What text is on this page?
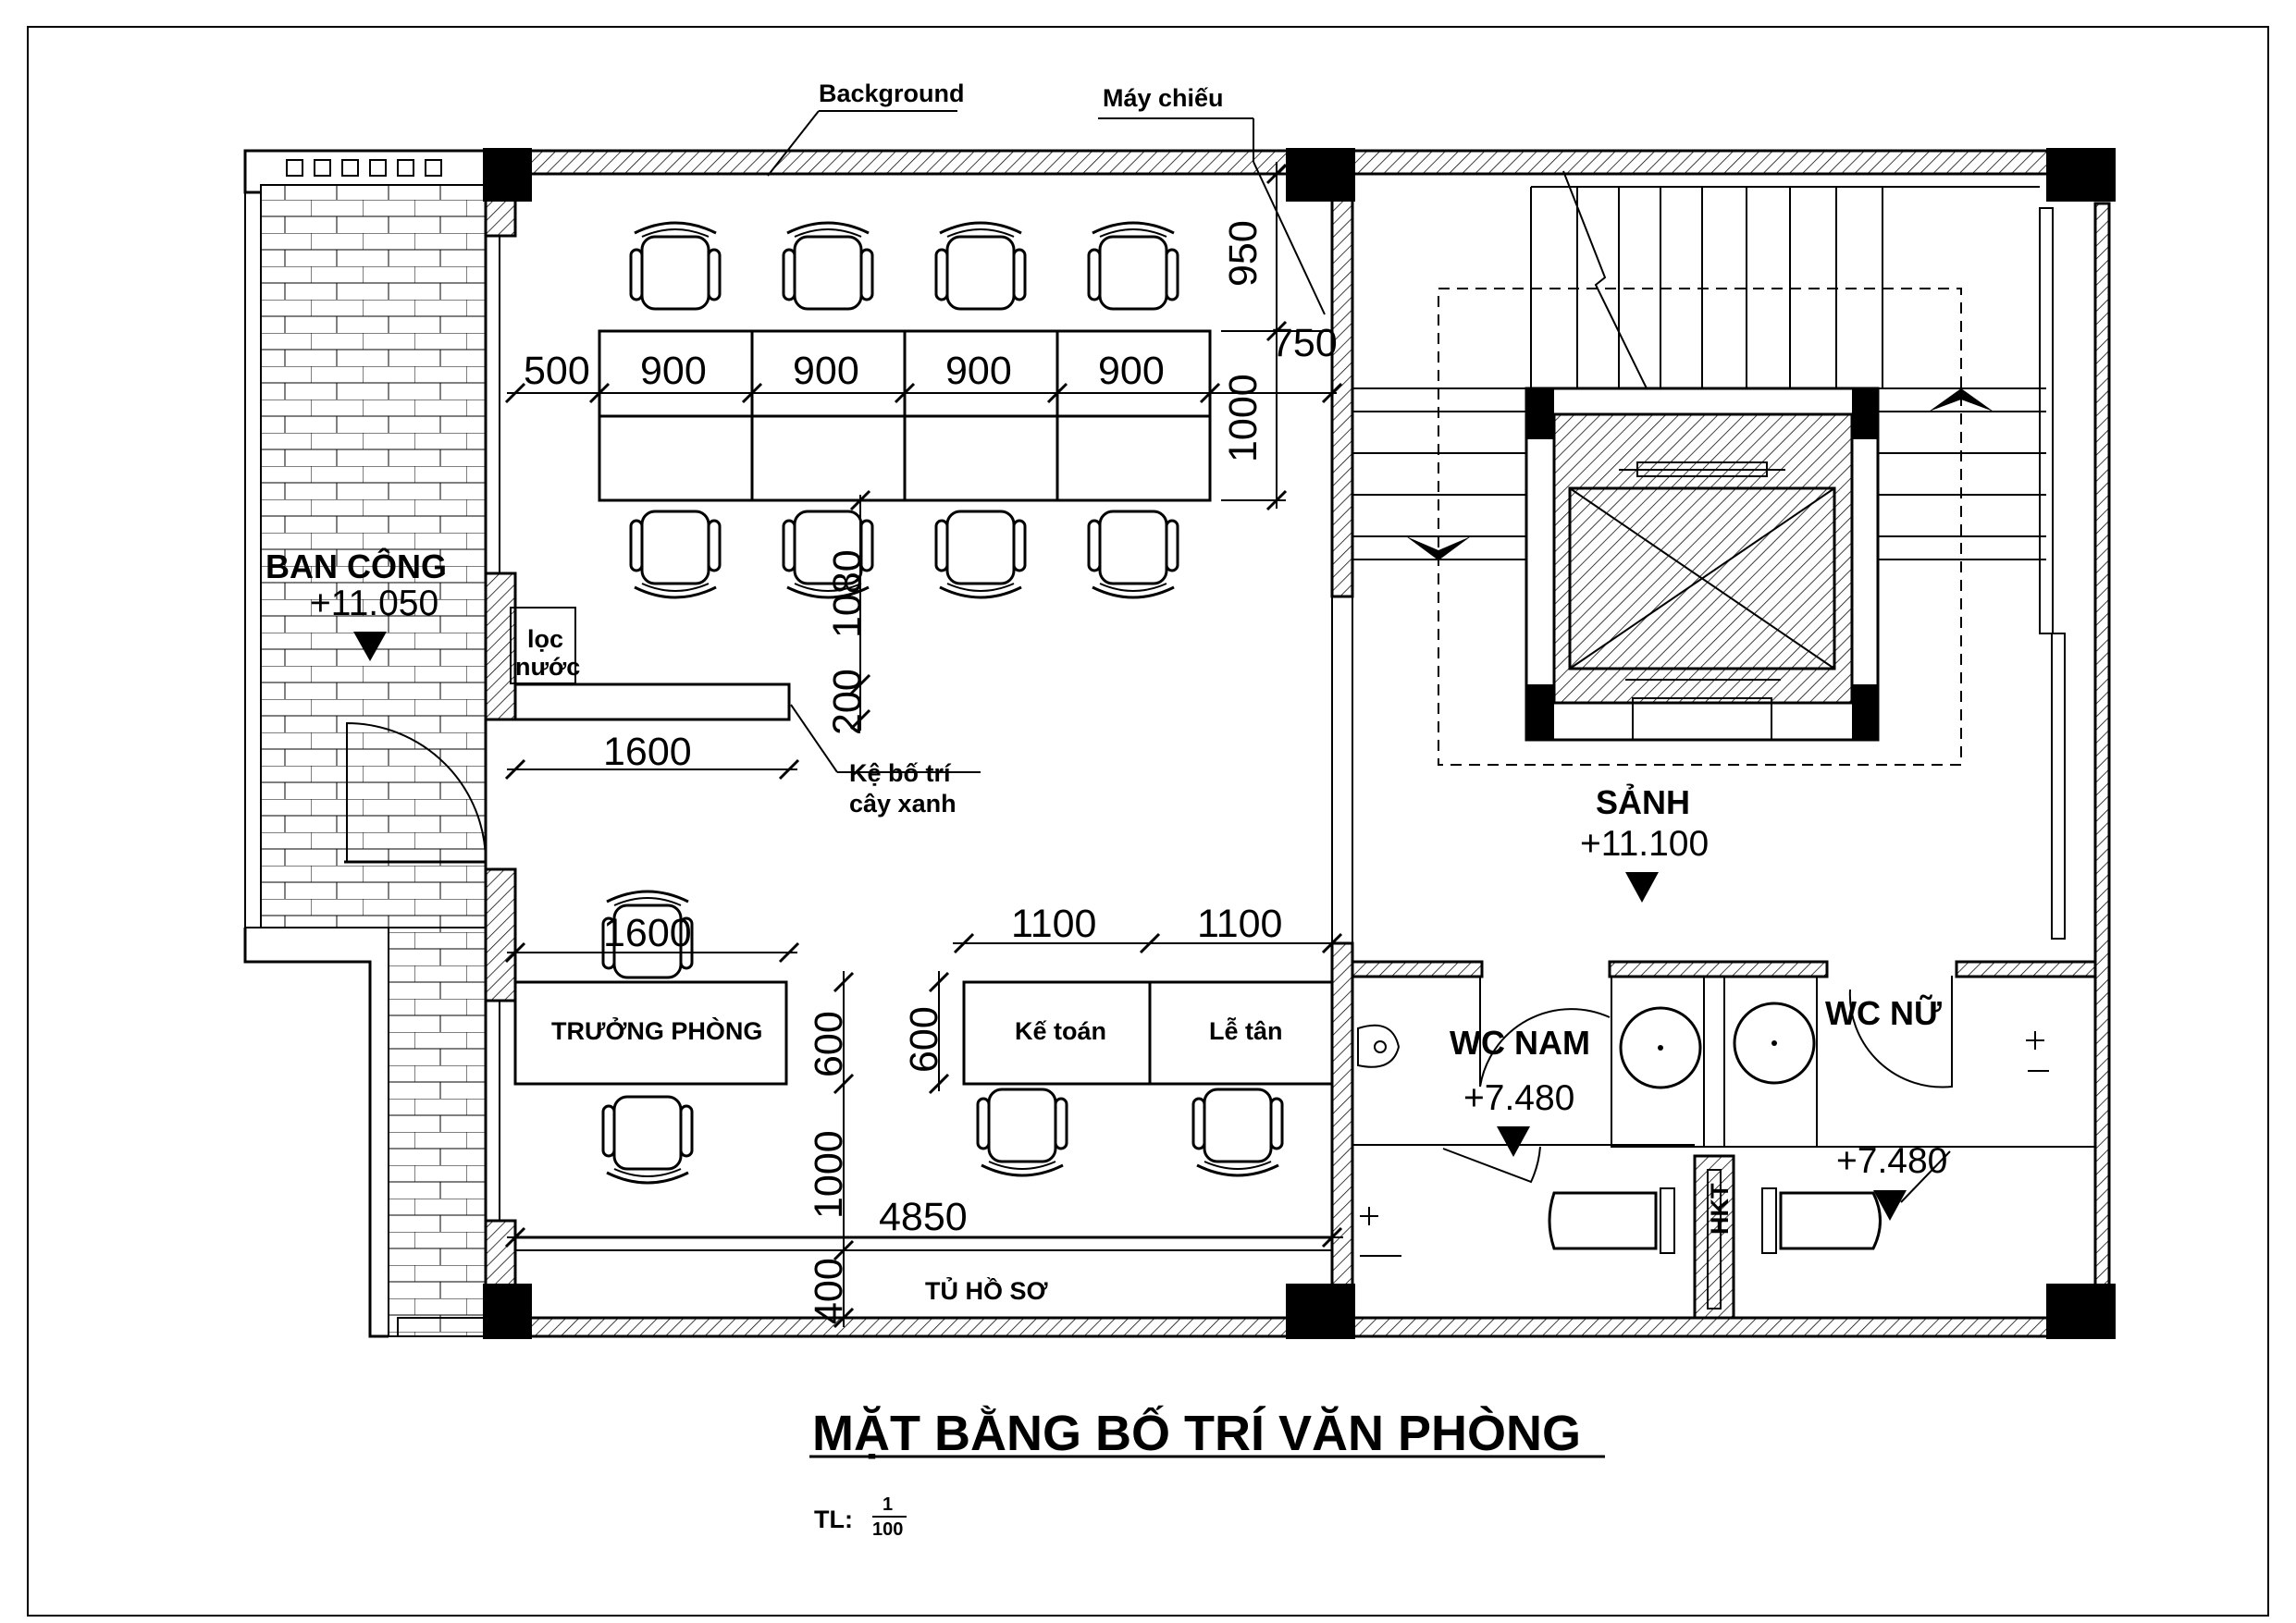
Background	Máy chiếu
lọc
nước
Kệ bố trí
cây xanh
BAN CÔNG
+11.050
SẢNH
+11.100
WC NAM
+7.480
WC NỮ
+7.480
HKT
TRƯỞNG PHÒNG	Kế toán	Lễ tân
TỦ HỒ SƠ
950
750
500 900 900 900 900
1000
1080
200
1600
1600	1100	1100
600 600
1000 4850
400
MẶT BẰNG BỐ TRÍ VĂN PHÒNG
TL:
1
100
